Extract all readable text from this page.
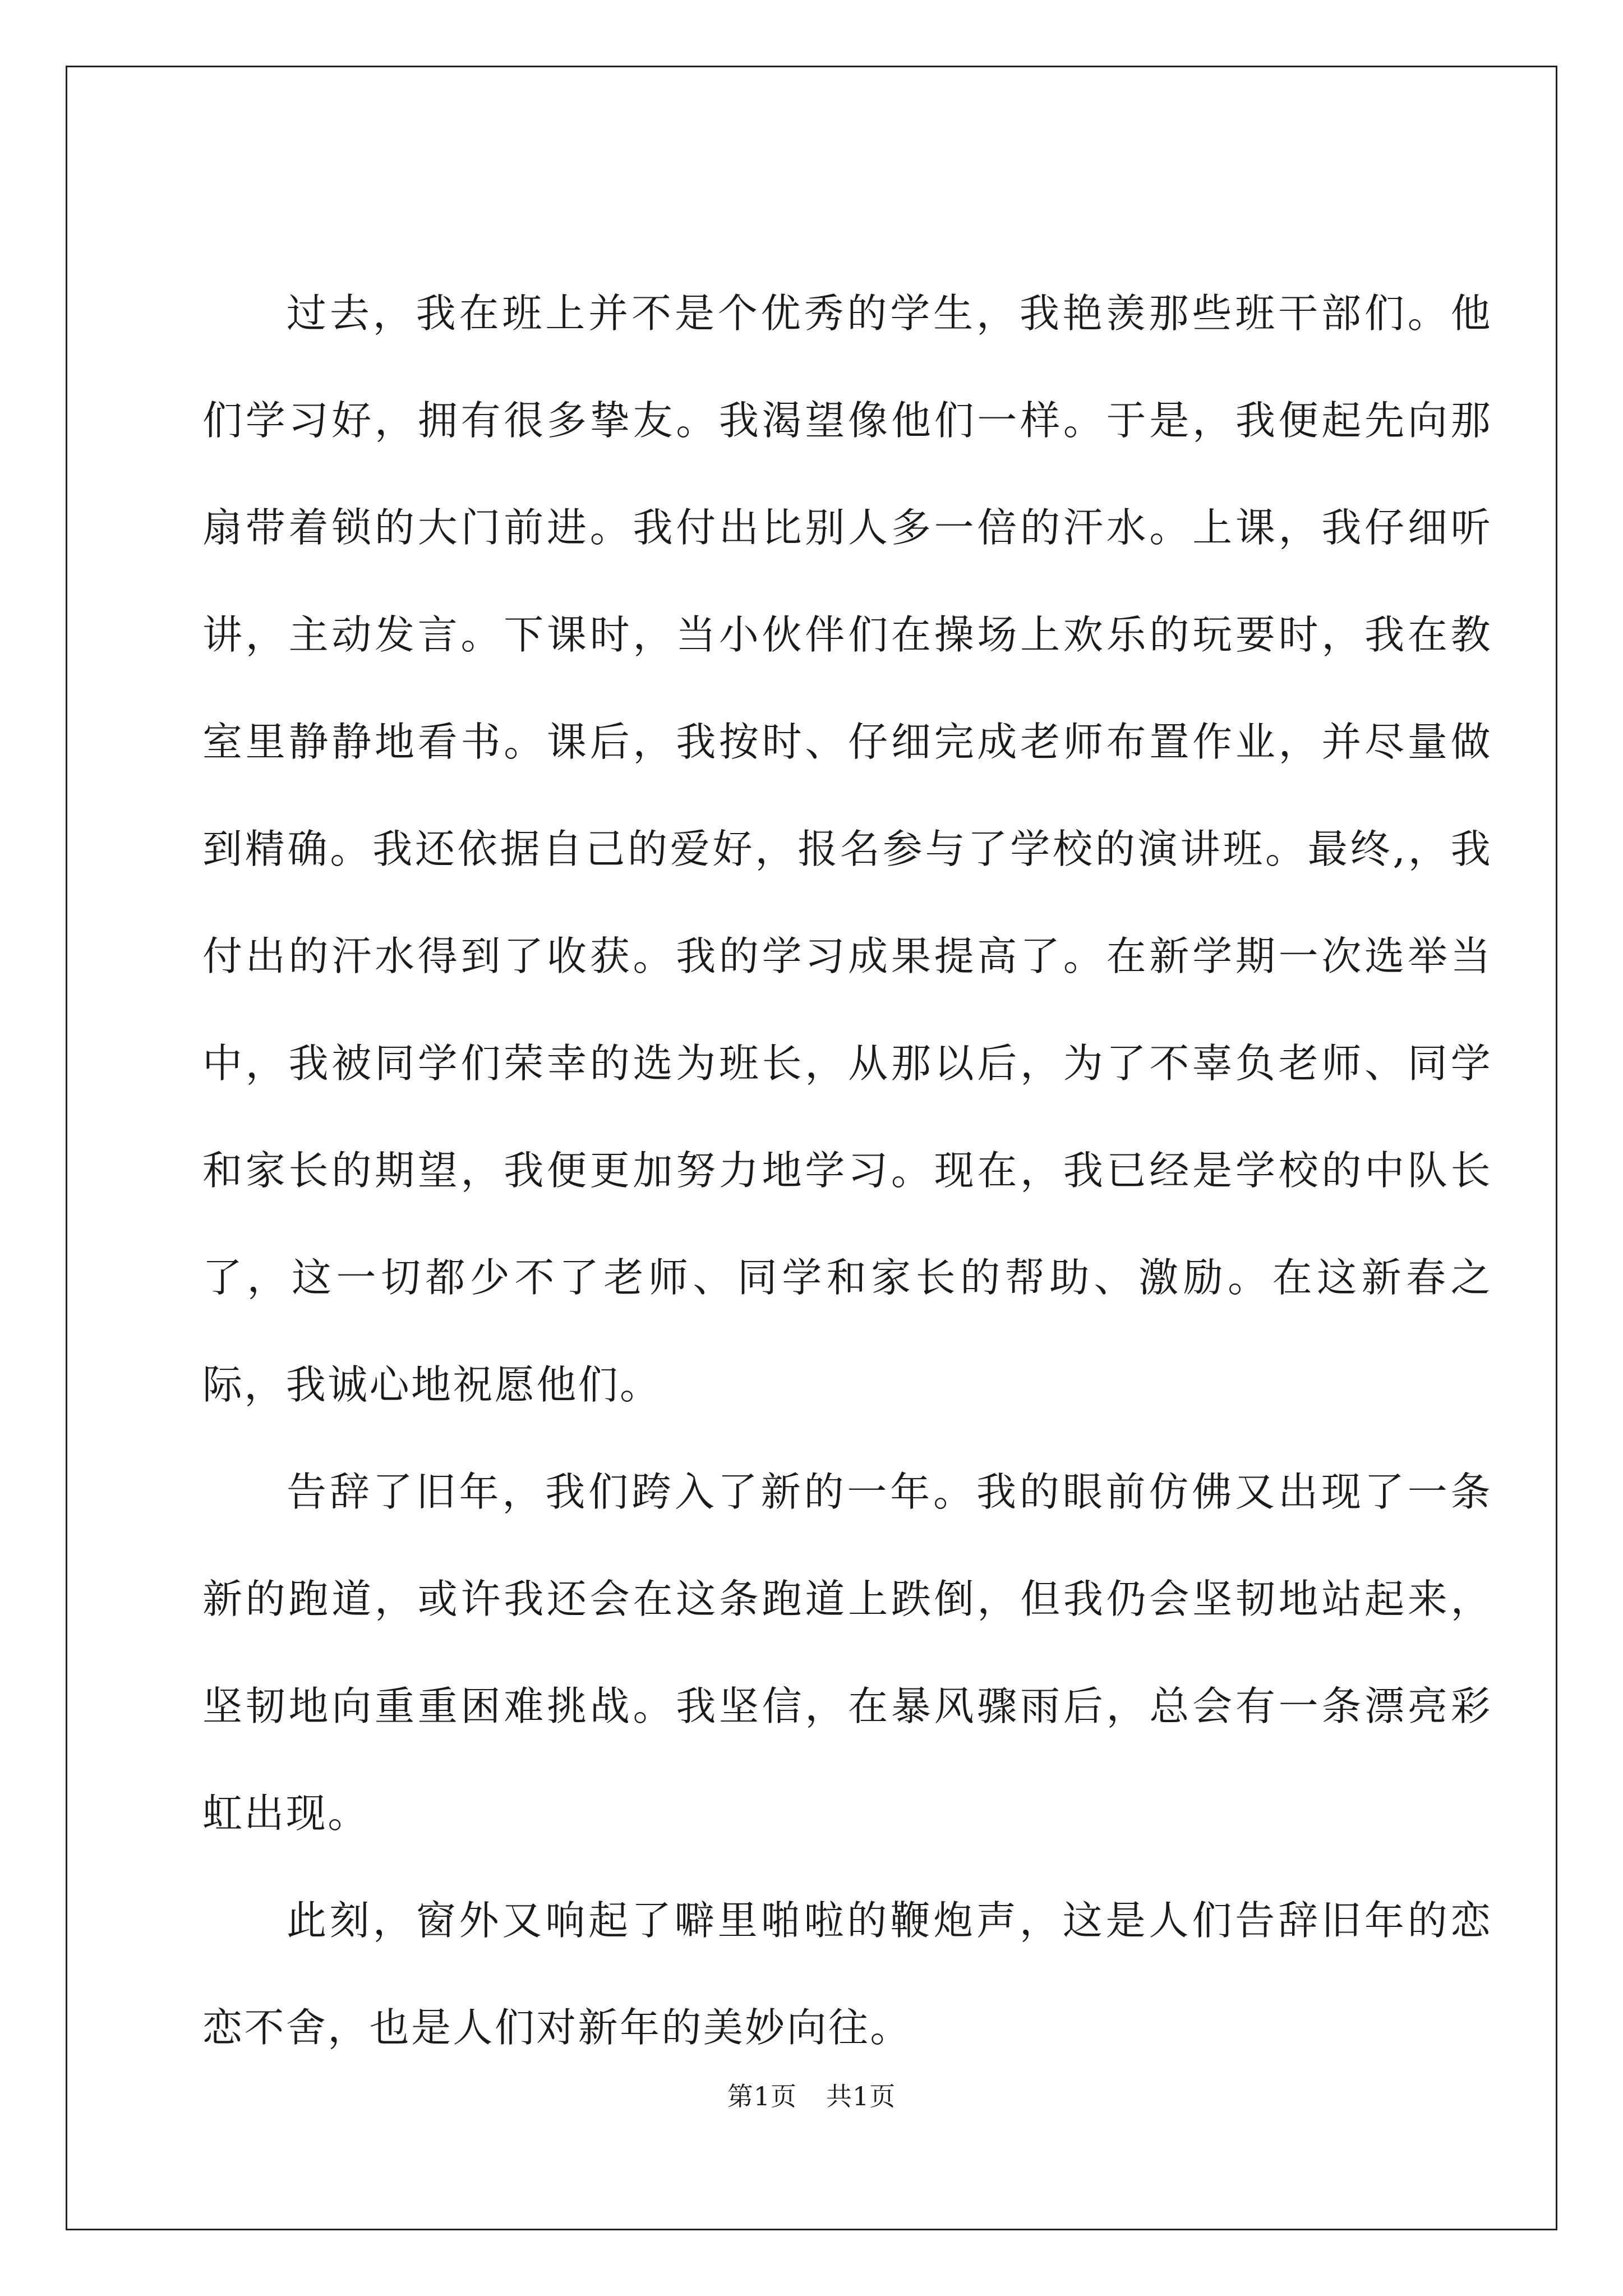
过去，我在班上并不是个优秀的学生，我艳羡那些班干部们。他们学习好，拥有很多挚友。我渴望像他们一样。于是，我便起先向那扇带着锁的大门前进。我付出比别人多一倍的汗水。上课，我仔细听讲，主动发言。下课时，当小伙伴们在操场上欢乐的玩要时，我在教室里静静地看书。课后，我按时、仔细完成老师布置作业，并尽量做到精确。我还依据自己的爱好，报名参与了学校的演讲班。最终,，我付出的汗水得到了收获。我的学习成果提高了。在新学期一次选举当中，我被同学们荣幸的选为班长，从那以后，为了不辜负老师、同学和家长的期望，我便更加努力地学习。现在，我已经是学校的中队长了，这一切都少不了老师、同学和家长的帮助、激励。在这新春之际，我诚心地祝愿他们。

告辞了旧年，我们跨入了新的一年。我的眼前仿佛又出现了一条新的跑道，或许我还会在这条跑道上跌倒，但我仍会坚韧地站起来，坚韧地向重重困难挑战。我坚信，在暴风骤雨后，总会有一条漂亮彩虹出现。

此刻，窗外又响起了噼里啪啦的鞭炮声，这是人们告辞旧年的恋恋不舍，也是人们对新年的美妙向往。

第1页 共1页
